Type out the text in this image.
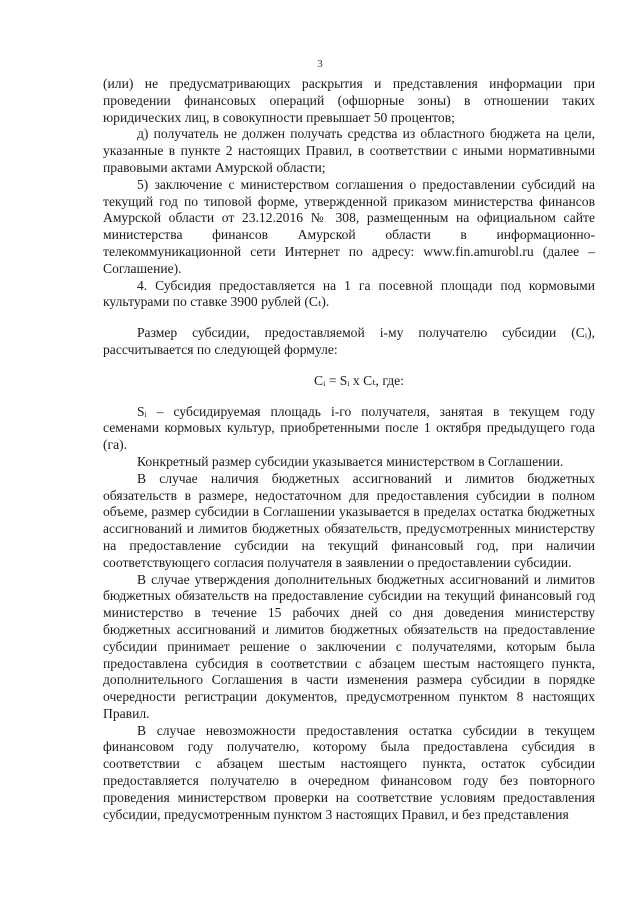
3

(или) не предусматривающих раскрытия и представления информации при проведении финансовых операций (офшорные зоны) в отношении таких юридических лиц, в совокупности превышает 50 процентов;

д) получатель не должен получать средства из областного бюджета на цели, указанные в пункте 2 настоящих Правил, в соответствии с иными нормативными правовыми актами Амурской области;

5) заключение с министерством соглашения о предоставлении субсидий на текущий год по типовой форме, утвержденной приказом министерства финансов Амурской области от 23.12.2016 № 308, размещенным на официальном сайте министерства финансов Амурской области в информационно-телекоммуникационной сети Интернет по адресу: www.fin.amurobl.ru (далее – Соглашение).

4. Субсидия предоставляется на 1 га посевной площади под кормовыми культурами по ставке 3900 рублей (Cₜ).

Размер субсидии, предоставляемой i-му получателю субсидии (Cᵢ), рассчитывается по следующей формуле:

Cᵢ = Sᵢ x Cₜ, где:

Sᵢ – субсидируемая площадь i-го получателя, занятая в текущем году семенами кормовых культур, приобретенными после 1 октября предыдущего года (га).

Конкретный размер субсидии указывается министерством в Соглашении.

В случае наличия бюджетных ассигнований и лимитов бюджетных обязательств в размере, недостаточном для предоставления субсидии в полном объеме, размер субсидии в Соглашении указывается в пределах остатка бюджетных ассигнований и лимитов бюджетных обязательств, предусмотренных министерству на предоставление субсидии на текущий финансовый год, при наличии соответствующего согласия получателя в заявлении о предоставлении субсидии.

В случае утверждения дополнительных бюджетных ассигнований и лимитов бюджетных обязательств на предоставление субсидии на текущий финансовый год министерство в течение 15 рабочих дней со дня доведения министерству бюджетных ассигнований и лимитов бюджетных обязательств на предоставление субсидии принимает решение о заключении с получателями, которым была предоставлена субсидия в соответствии с абзацем шестым настоящего пункта, дополнительного Соглашения в части изменения размера субсидии в порядке очередности регистрации документов, предусмотренном пунктом 8 настоящих Правил.

В случае невозможности предоставления остатка субсидии в текущем финансовом году получателю, которому была предоставлена субсидия в соответствии с абзацем шестым настоящего пункта, остаток субсидии предоставляется получателю в очередном финансовом году без повторного проведения министерством проверки на соответствие условиям предоставления субсидии, предусмотренным пунктом 3 настоящих Правил, и без представления
